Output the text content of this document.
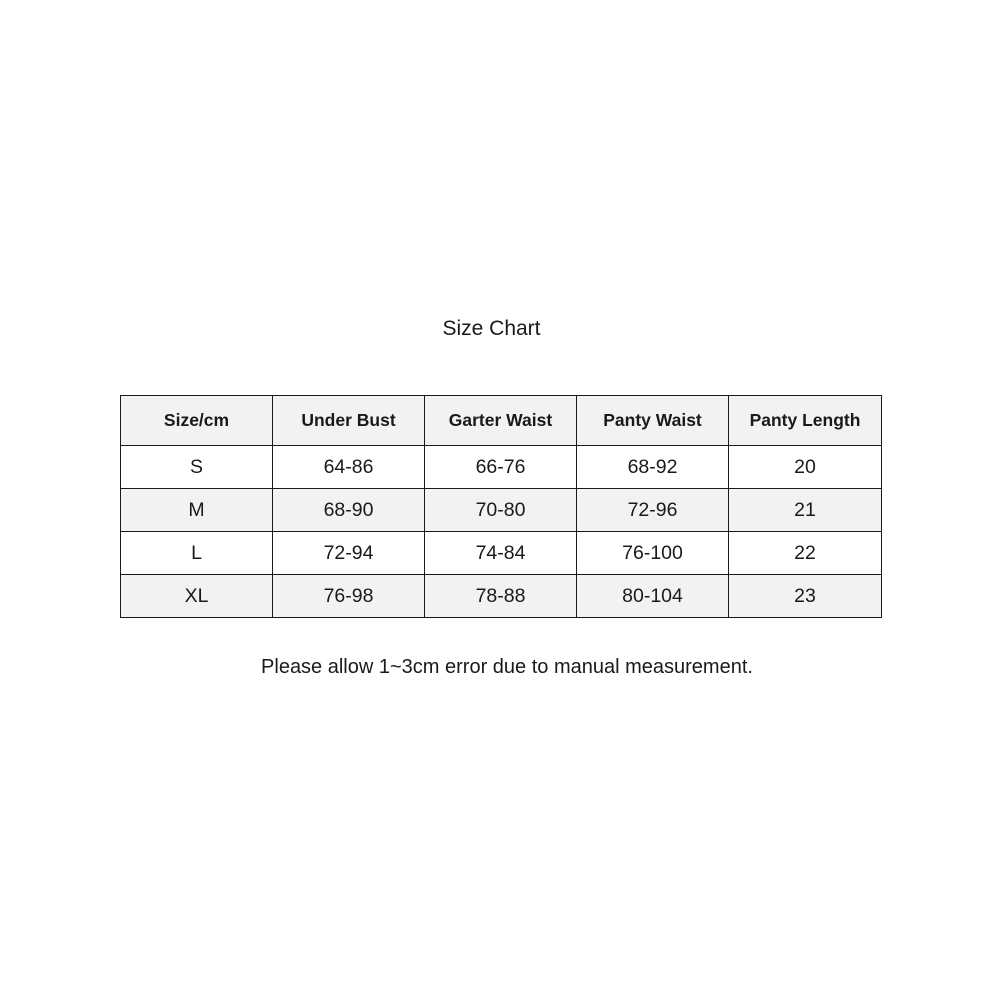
Size Chart
Size/cm	Under Bust	Garter Waist	Panty Waist	Panty Length
S	64-86	66-76	68-92	20
M	68-90	70-80	72-96	21
L	72-94	74-84	76-100	22
XL	76-98	78-88	80-104	23
Please allow 1~3cm error due to manual measurement.
